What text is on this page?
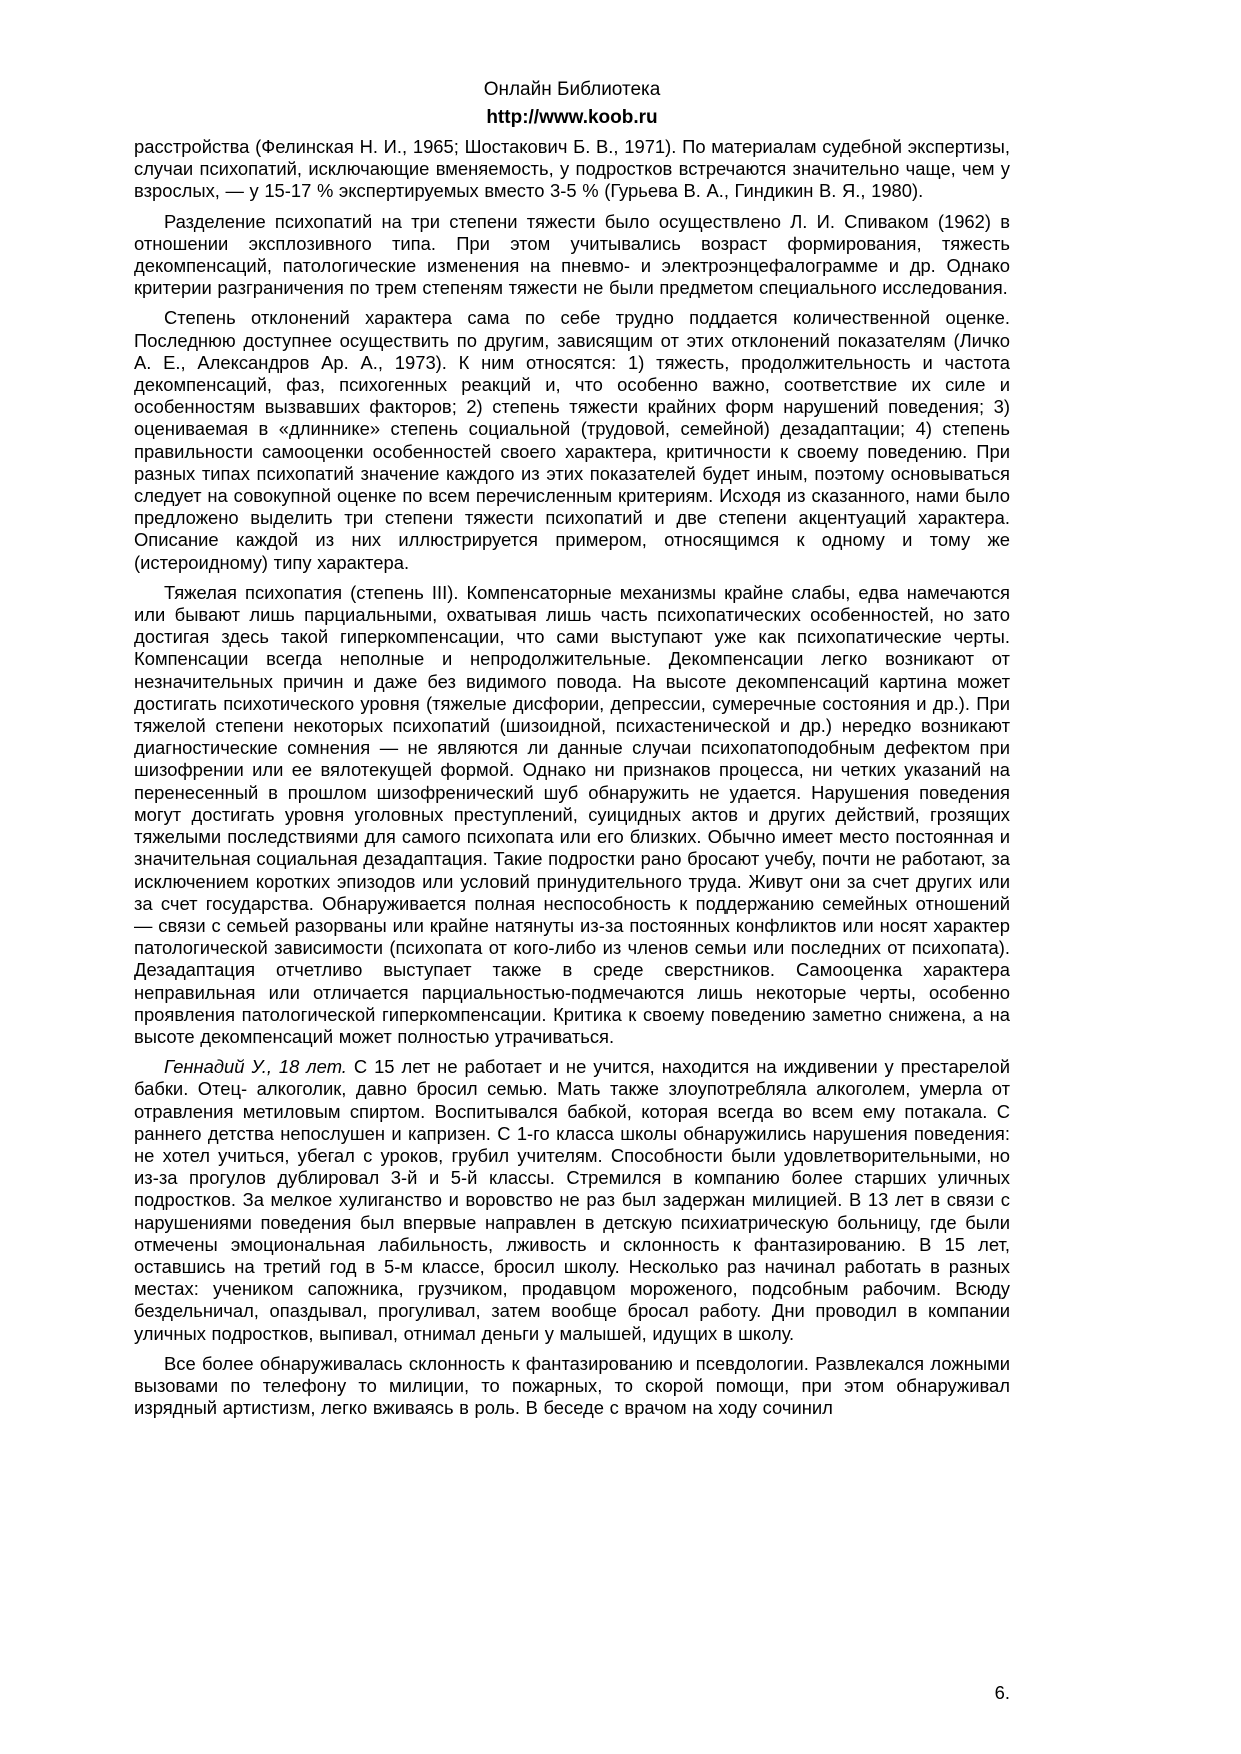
Онлайн Библиотека
http://www.koob.ru

расстройства (Фелинская Н. И., 1965; Шостакович Б. В., 1971). По материалам судебной экспертизы, случаи психопатий, исключающие вменяемость, у подростков встречаются значительно чаще, чем у взрослых, — у 15-17 % экспертируемых вместо 3-5 % (Гурьева В. А., Гиндикин В. Я., 1980).

Разделение психопатий на три степени тяжести было осуществлено Л. И. Спиваком (1962) в отношении эксплозивного типа. При этом учитывались возраст формирования, тяжесть декомпенсаций, патологические изменения на пневмо- и электроэнцефалограмме и др. Однако критерии разграничения по трем степеням тяжести не были предметом специального исследования.

Степень отклонений характера сама по себе трудно поддается количественной оценке. Последнюю доступнее осуществить по другим, зависящим от этих отклонений показателям (Личко А. Е., Александров Ар. А., 1973). К ним относятся: 1) тяжесть, продолжительность и частота декомпенсаций, фаз, психогенных реакций и, что особенно важно, соответствие их силе и особенностям вызвавших факторов; 2) степень тяжести крайних форм нарушений поведения; 3) оцениваемая в «длиннике» степень социальной (трудовой, семейной) дезадаптации; 4) степень правильности самооценки особенностей своего характера, критичности к своему поведению. При разных типах психопатий значение каждого из этих показателей будет иным, поэтому основываться следует на совокупной оценке по всем перечисленным критериям. Исходя из сказанного, нами было предложено выделить три степени тяжести психопатий и две степени акцентуаций характера. Описание каждой из них иллюстрируется примером, относящимся к одному и тому же (истероидному) типу характера.

Тяжелая психопатия (степень III). Компенсаторные механизмы крайне слабы, едва намечаются или бывают лишь парциальными, охватывая лишь часть психопатических особенностей, но зато достигая здесь такой гиперкомпенсации, что сами выступают уже как психопатические черты. Компенсации всегда неполные и непродолжительные. Декомпенсации легко возникают от незначительных причин и даже без видимого повода. На высоте декомпенсаций картина может достигать психотического уровня (тяжелые дисфории, депрессии, сумеречные состояния и др.). При тяжелой степени некоторых психопатий (шизоидной, психастенической и др.) нередко возникают диагностические сомнения — не являются ли данные случаи психопатоподобным дефектом при шизофрении или ее вялотекущей формой. Однако ни признаков процесса, ни четких указаний на перенесенный в прошлом шизофренический шуб обнаружить не удается. Нарушения поведения могут достигать уровня уголовных преступлений, суицидных актов и других действий, грозящих тяжелыми последствиями для самого психопата или его близких. Обычно имеет место постоянная и значительная социальная дезадаптация. Такие подростки рано бросают учебу, почти не работают, за исключением коротких эпизодов или условий принудительного труда. Живут они за счет других или за счет государства. Обнаруживается полная неспособность к поддержанию семейных отношений — связи с семьей разорваны или крайне натянуты из-за постоянных конфликтов или носят характер патологической зависимости (психопата от кого-либо из членов семьи или последних от психопата). Дезадаптация отчетливо выступает также в среде сверстников. Самооценка характера неправильная или отличается парциальностью-подмечаются лишь некоторые черты, особенно проявления патологической гиперкомпенсации. Критика к своему поведению заметно снижена, а на высоте декомпенсаций может полностью утрачиваться.

Геннадий У., 18 лет. С 15 лет не работает и не учится, находится на иждивении у престарелой бабки. Отец- алкоголик, давно бросил семью. Мать также злоупотребляла алкоголем, умерла от отравления метиловым спиртом. Воспитывался бабкой, которая всегда во всем ему потакала. С раннего детства непослушен и капризен. С 1-го класса школы обнаружились нарушения поведения: не хотел учиться, убегал с уроков, грубил учителям. Способности были удовлетворительными, но из-за прогулов дублировал 3-й и 5-й классы. Стремился в компанию более старших уличных подростков. За мелкое хулиганство и воровство не раз был задержан милицией. В 13 лет в связи с нарушениями поведения был впервые направлен в детскую психиатрическую больницу, где были отмечены эмоциональная лабильность, лживость и склонность к фантазированию. В 15 лет, оставшись на третий год в 5-м классе, бросил школу. Несколько раз начинал работать в разных местах: учеником сапожника, грузчиком, продавцом мороженого, подсобным рабочим. Всюду бездельничал, опаздывал, прогуливал, затем вообще бросал работу. Дни проводил в компании уличных подростков, выпивал, отнимал деньги у малышей, идущих в школу.

Все более обнаруживалась склонность к фантазированию и псевдологии. Развлекался ложными вызовами по телефону то милиции, то пожарных, то скорой помощи, при этом обнаруживал изрядный артистизм, легко вживаясь в роль. В беседе с врачом на ходу сочинил

6.
